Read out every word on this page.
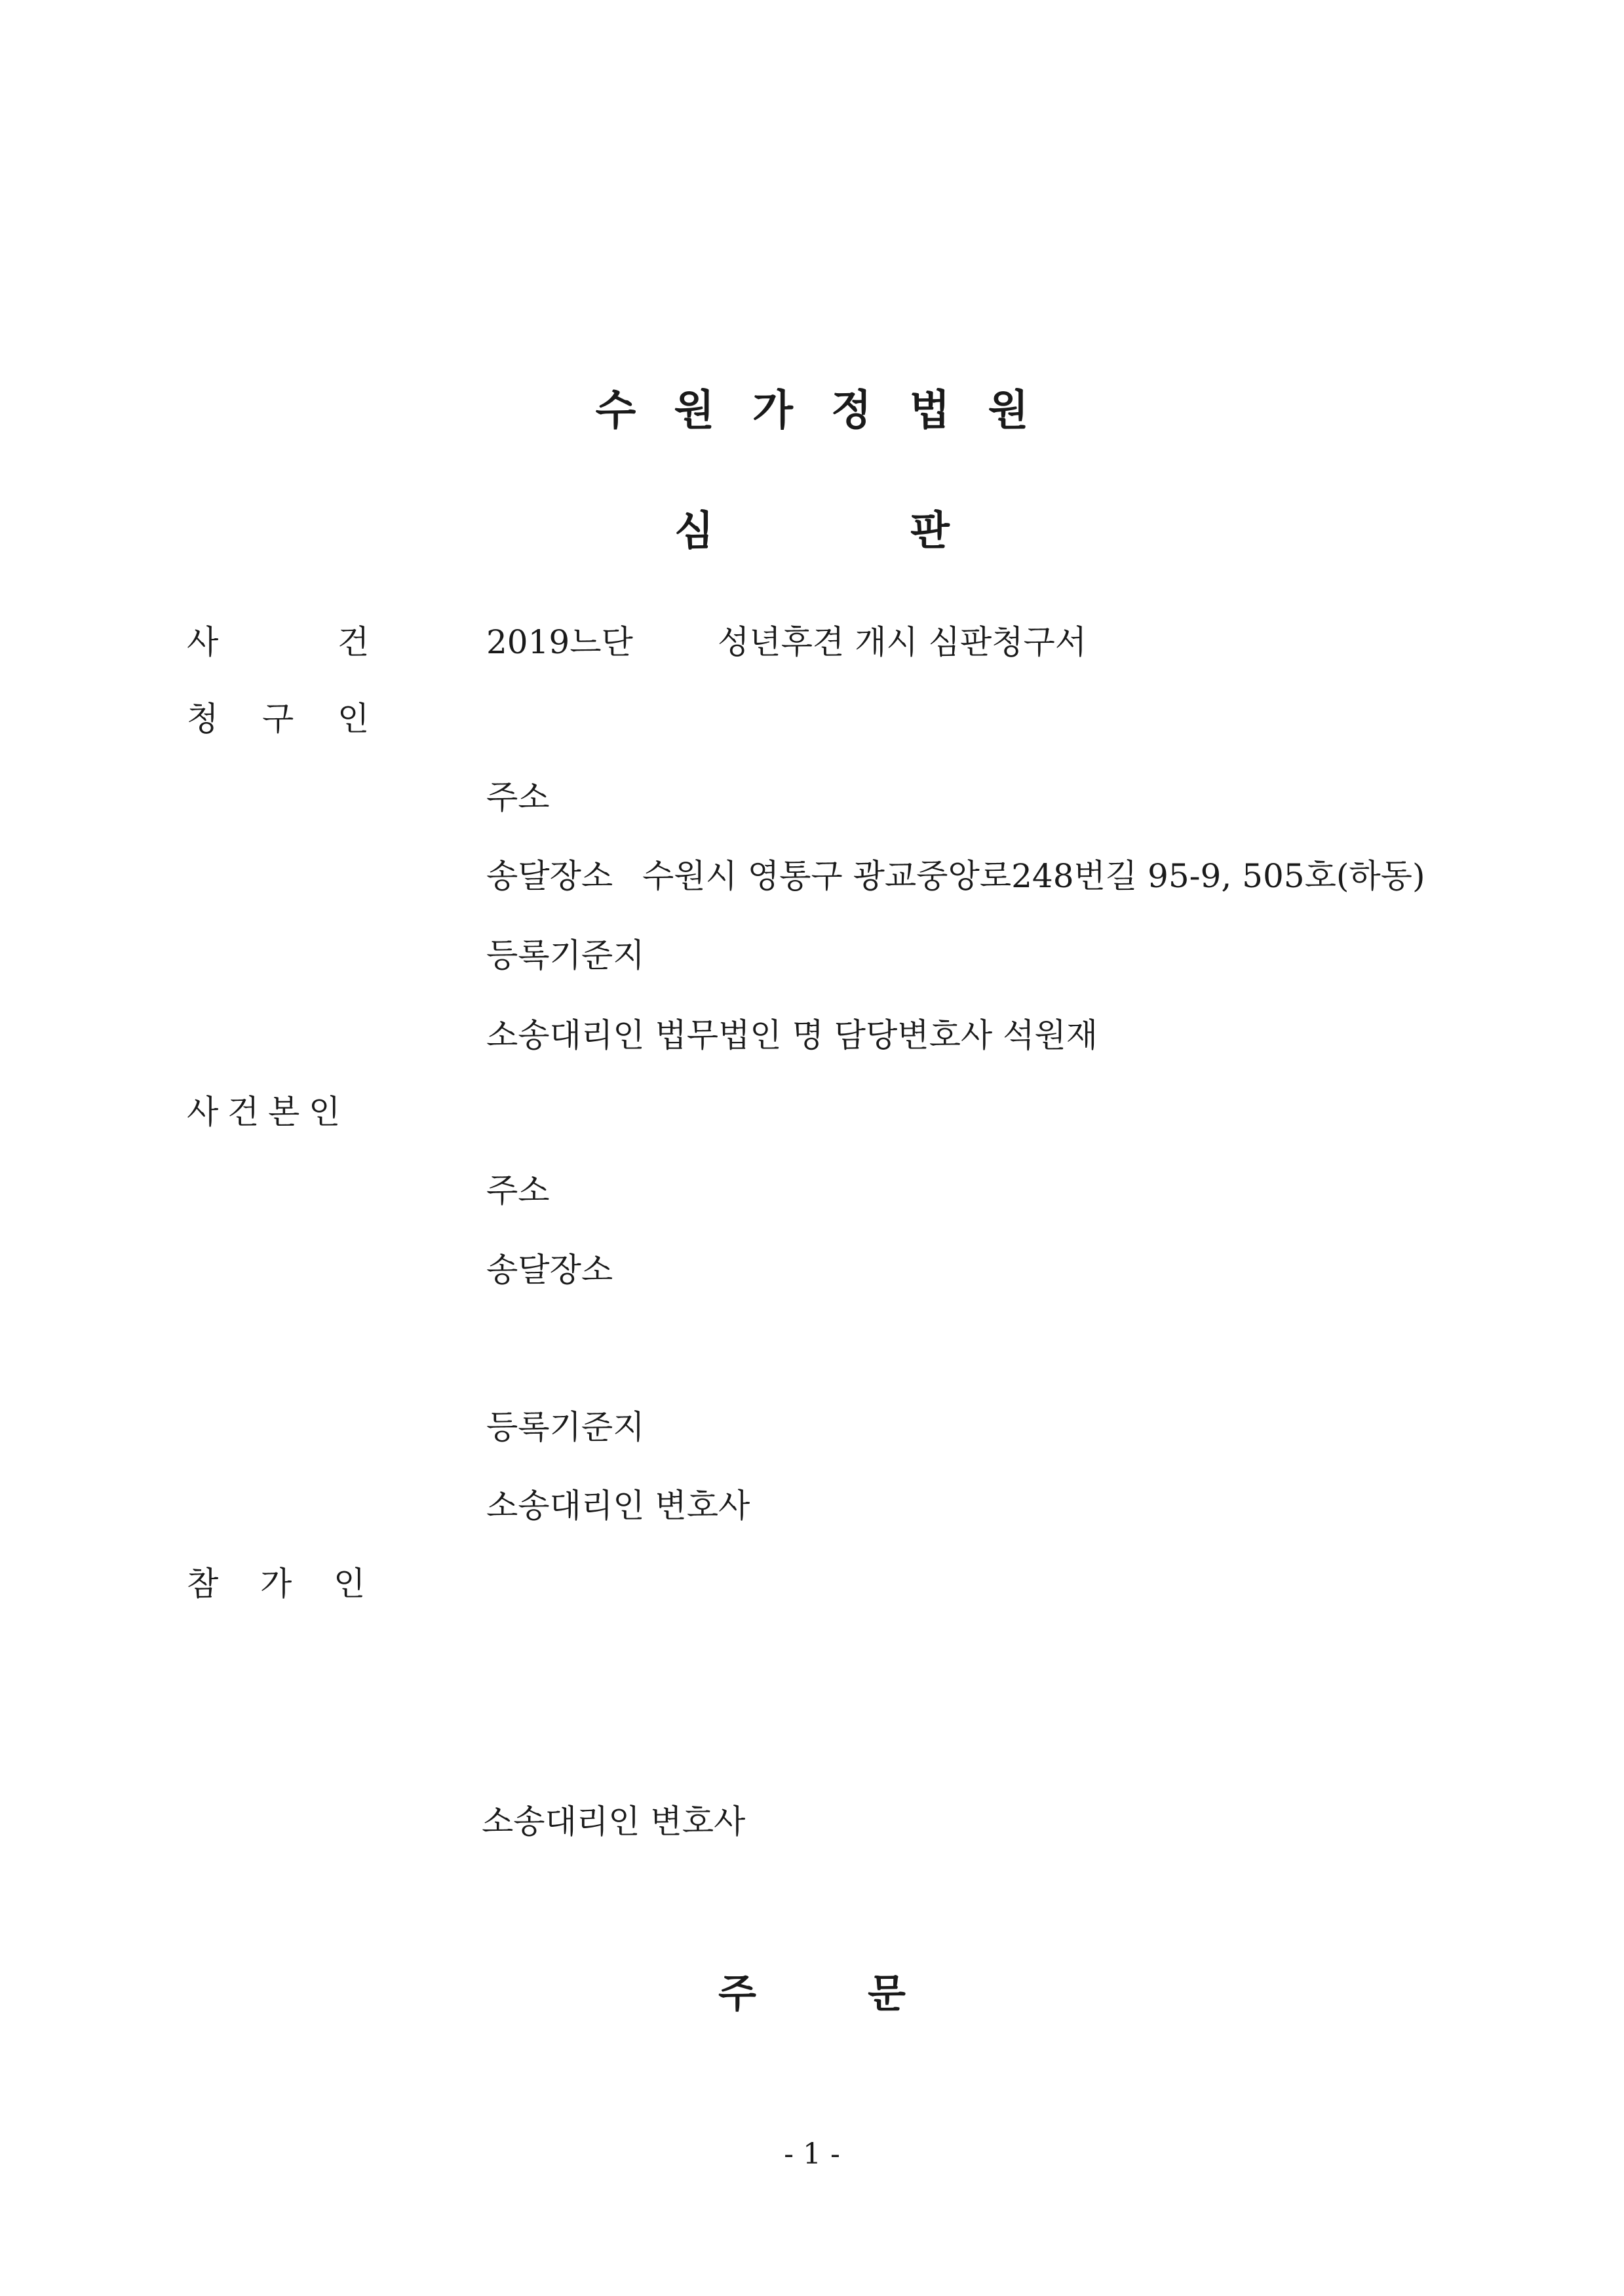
수원가정법원
심	판
사	건	2019느단	성년후견 개시 심판청구서
청 구 인
주소
송달장소 수원시 영통구 광교중앙로248번길 95-9, 505호(하동)
등록기준지
소송대리인 법무법인 명 담당변호사 석원재
사 건 본 인
주소
송달장소
등록기준지
소송대리인 변호사
참 가 인
소송대리인 변호사
주	문
- 1 -
